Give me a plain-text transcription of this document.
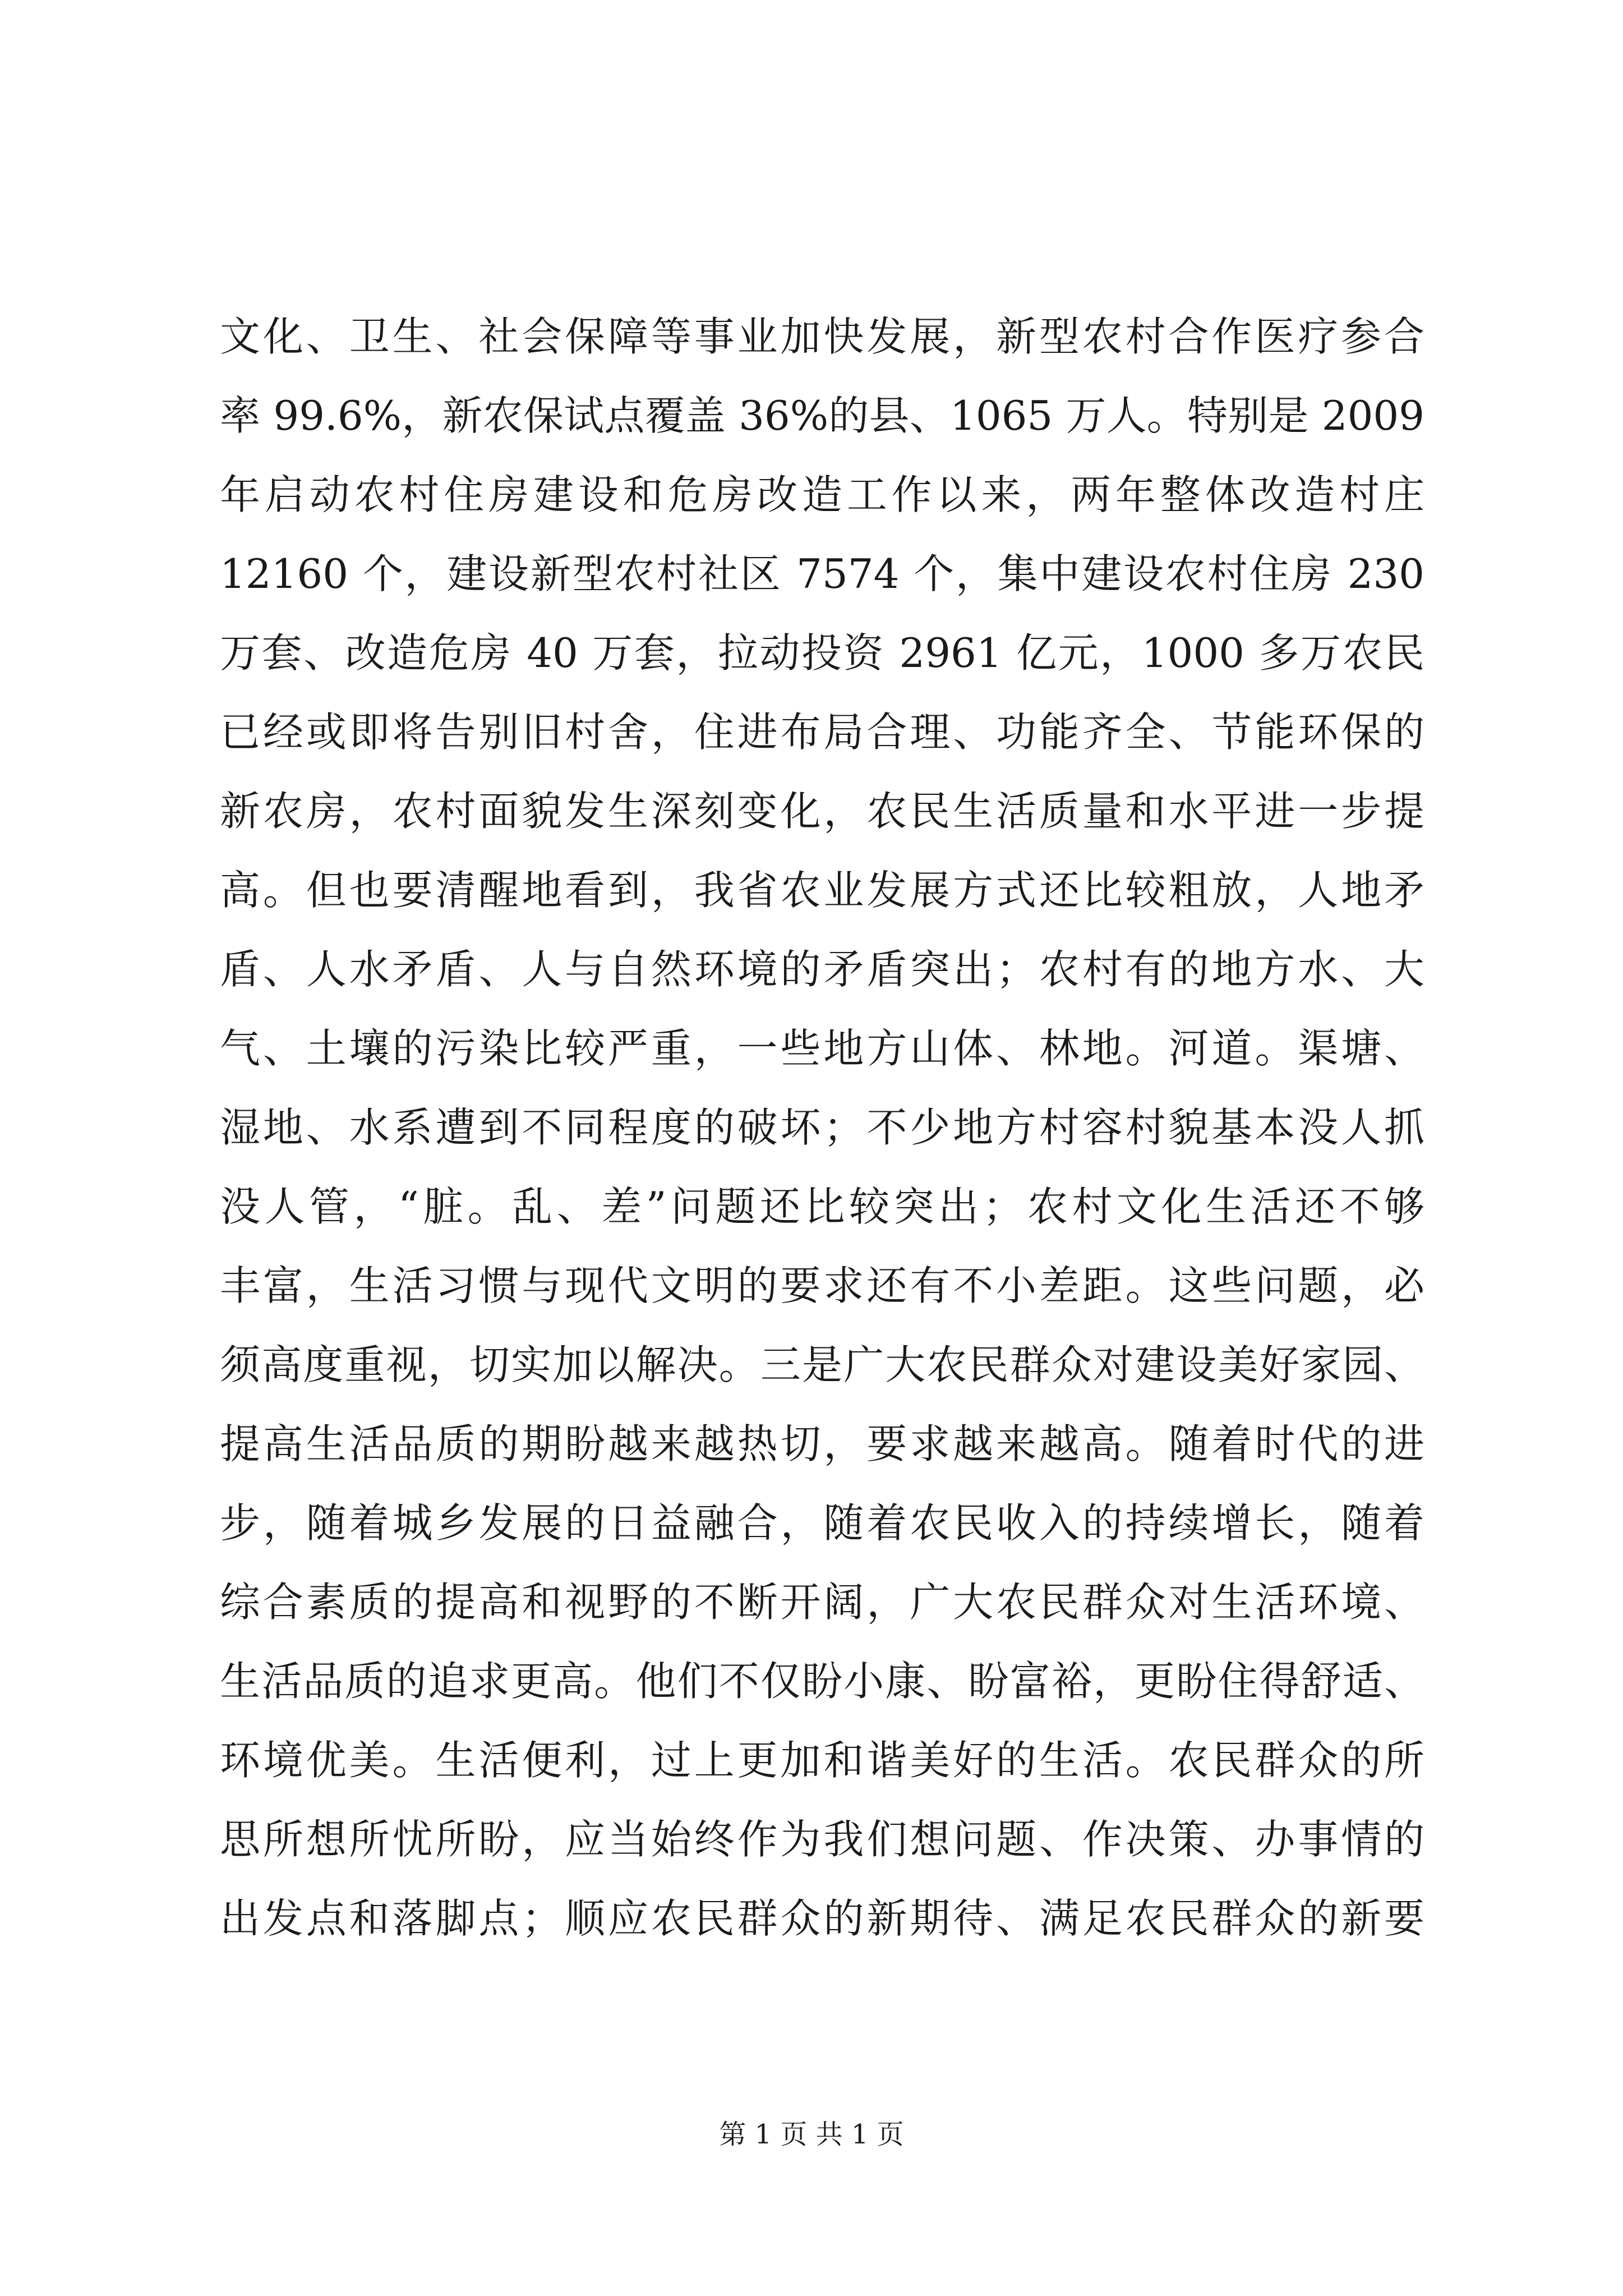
文化、卫生、社会保障等事业加快发展，新型农村合作医疗参合
率 99.6%，新农保试点覆盖 36%的县、1065 万人。特别是 2009
年启动农村住房建设和危房改造工作以来，两年整体改造村庄
12160 个，建设新型农村社区 7574 个，集中建设农村住房 230
万套、改造危房 40 万套，拉动投资 2961 亿元，1000 多万农民
已经或即将告别旧村舍，住进布局合理、功能齐全、节能环保的
新农房，农村面貌发生深刻变化，农民生活质量和水平进一步提
高。但也要清醒地看到，我省农业发展方式还比较粗放，人地矛
盾、人水矛盾、人与自然环境的矛盾突出；农村有的地方水、大
气、土壤的污染比较严重，一些地方山体、林地。河道。渠塘、
湿地、水系遭到不同程度的破坏；不少地方村容村貌基本没人抓
没人管，“脏。乱、差”问题还比较突出；农村文化生活还不够
丰富，生活习惯与现代文明的要求还有不小差距。这些问题，必
须高度重视，切实加以解决。三是广大农民群众对建设美好家园、
提高生活品质的期盼越来越热切，要求越来越高。随着时代的进
步，随着城乡发展的日益融合，随着农民收入的持续增长，随着
综合素质的提高和视野的不断开阔，广大农民群众对生活环境、
生活品质的追求更高。他们不仅盼小康、盼富裕，更盼住得舒适、
环境优美。生活便利，过上更加和谐美好的生活。农民群众的所
思所想所忧所盼，应当始终作为我们想问题、作决策、办事情的
出发点和落脚点；顺应农民群众的新期待、满足农民群众的新要
第 1 页 共 1 页
